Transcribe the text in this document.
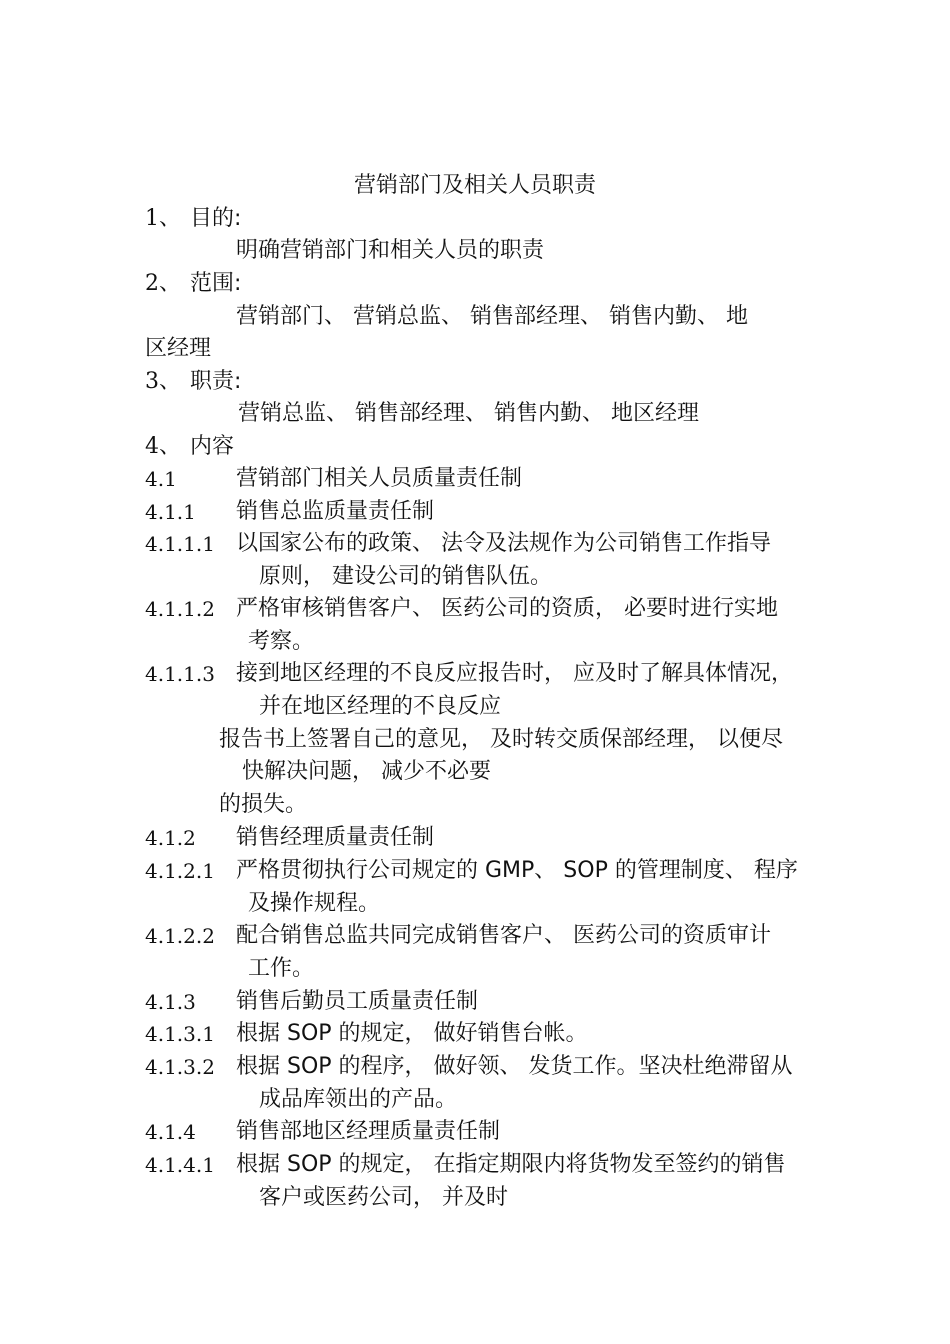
营销部门及相关人员职责
1、 目的:
明确营销部门和相关人员的职责
2、 范围:
营销部门、 营销总监、 销售部经理、 销售内勤、 地
区经理
3、 职责:
营销总监、 销售部经理、 销售内勤、 地区经理
4、 内容
4.1	营销部门相关人员质量责任制
4.1.1 销售总监质量责任制
4.1.1.1 以国家公布的政策、 法令及法规作为公司销售工作指导
原则， 建设公司的销售队伍。
4.1.1.2 严格审核销售客户、 医药公司的资质， 必要时进行实地
考察。
4.1.1.3 接到地区经理的不良反应报告时， 应及时了解具体情况，
并在地区经理的不良反应
报告书上签署自己的意见， 及时转交质保部经理， 以便尽
快解决问题， 减少不必要
的损失。
4.1.2 销售经理质量责任制
4.1.2.1 严格贯彻执行公司规定的 GMP、 SOP 的管理制度、 程序
及操作规程。
4.1.2.2 配合销售总监共同完成销售客户、 医药公司的资质审计
工作。
4.1.3 销售后勤员工质量责任制
4.1.3.1 根据 SOP 的规定， 做好销售台帐。
4.1.3.2 根据 SOP 的程序， 做好领、 发货工作。坚决杜绝滞留从
成品库领出的产品。
4.1.4 销售部地区经理质量责任制
4.1.4.1 根据 SOP 的规定， 在指定期限内将货物发至签约的销售
客户或医药公司， 并及时
